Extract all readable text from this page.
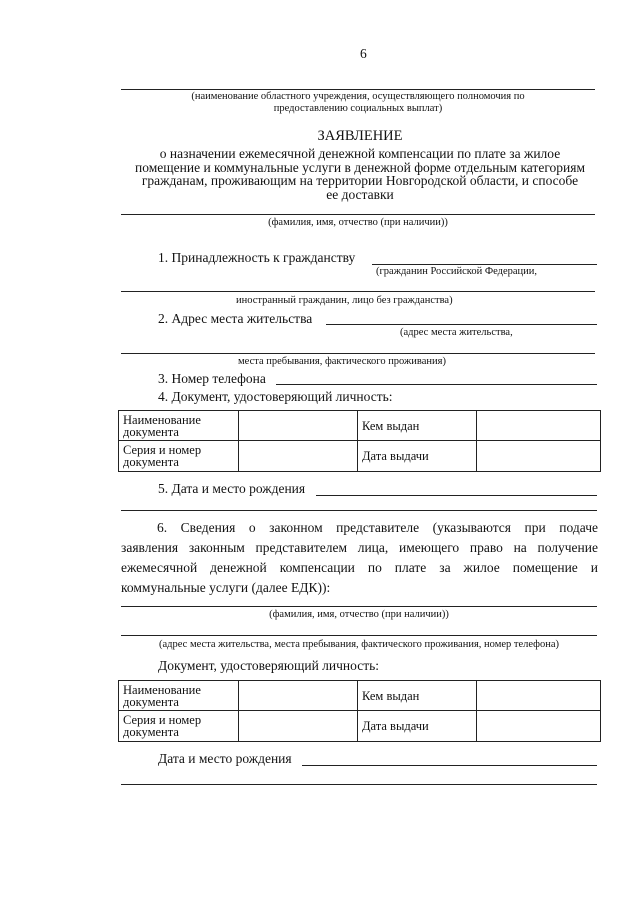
6
(наименование областного учреждения, осуществляющего полномочия по
предоставлению социальных выплат)
ЗАЯВЛЕНИЕ
о назначении ежемесячной денежной компенсации по плате за жилое
помещение и коммунальные услуги в денежной форме отдельным категориям
гражданам, проживающим на территории Новгородской области, и способе
ее доставки
(фамилия, имя, отчество (при наличии))
1. Принадлежность к гражданству
(гражданин Российской Федерации,
иностранный гражданин, лицо без гражданства)
2. Адрес места жительства
(адрес места жительства,
места пребывания, фактического проживания)
3. Номер телефона
4. Документ, удостоверяющий личность:
Наименование документа		Кем выдан	
Серия и номер документа		Дата выдачи	
5. Дата и место рождения
6. Сведения о законном представителе (указываются при подаче
заявления законным представителем лица, имеющего право на получение
ежемесячной денежной компенсации по плате за жилое помещение и
коммунальные услуги (далее ЕДК)):
(фамилия, имя, отчество (при наличии))
(адрес места жительства, места пребывания, фактического проживания, номер телефона)
Документ, удостоверяющий личность:
Наименование документа		Кем выдан	
Серия и номер документа		Дата выдачи	
Дата и место рождения
